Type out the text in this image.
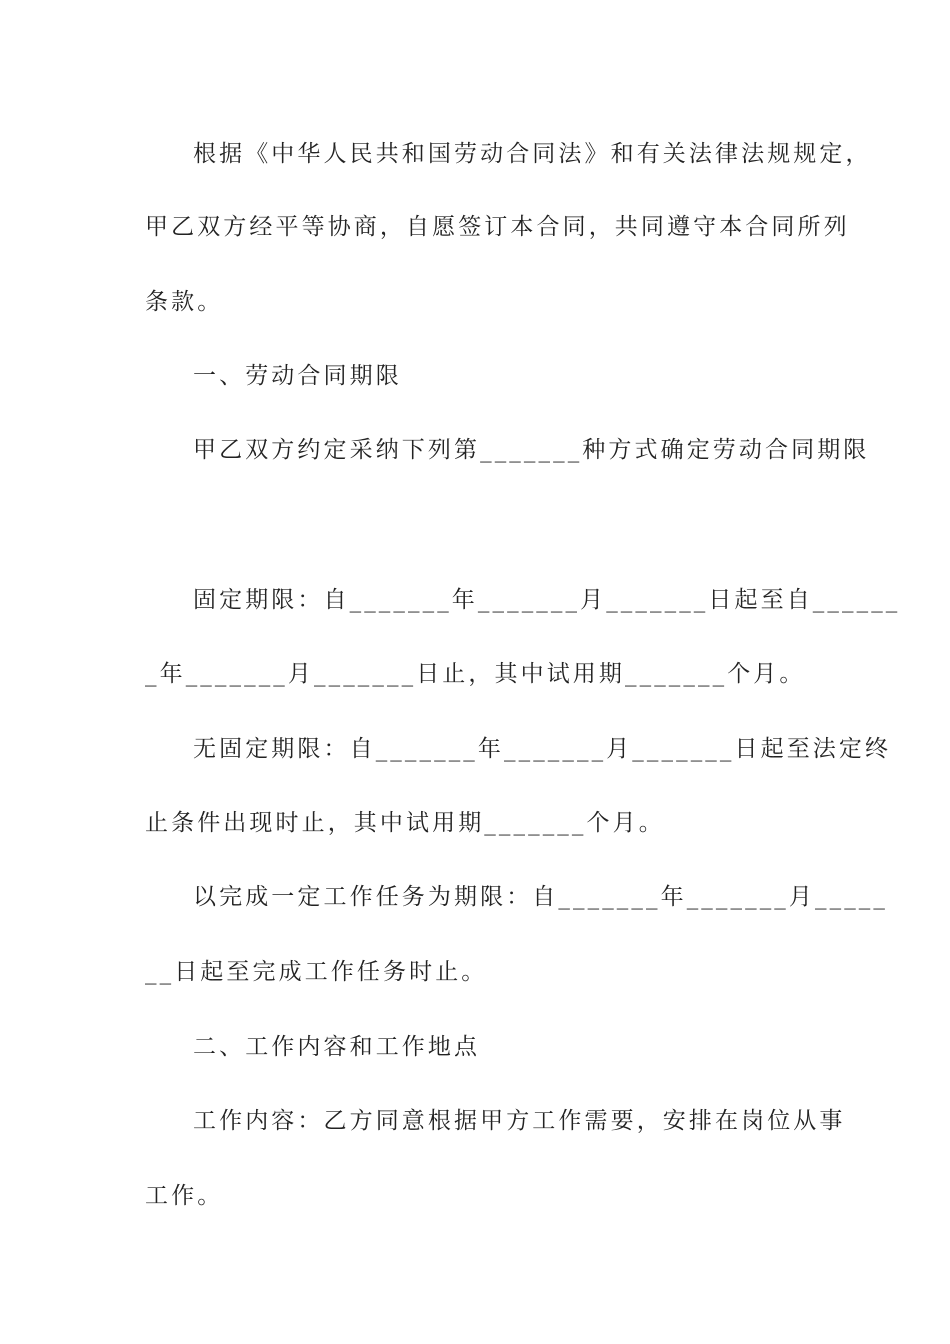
根据《中华人民共和国劳动合同法》和有关法律法规规定，
甲乙双方经平等协商，自愿签订本合同，共同遵守本合同所列
条款。
一、劳动合同期限
甲乙双方约定采纳下列第_______种方式确定劳动合同期限
固定期限：自_______年_______月_______日起至自______
_年_______月_______日止，其中试用期_______个月。
无固定期限：自_______年_______月_______日起至法定终
止条件出现时止，其中试用期_______个月。
以完成一定工作任务为期限：自_______年_______月_____
__日起至完成工作任务时止。
二、工作内容和工作地点
工作内容：乙方同意根据甲方工作需要，安排在岗位从事
工作。
